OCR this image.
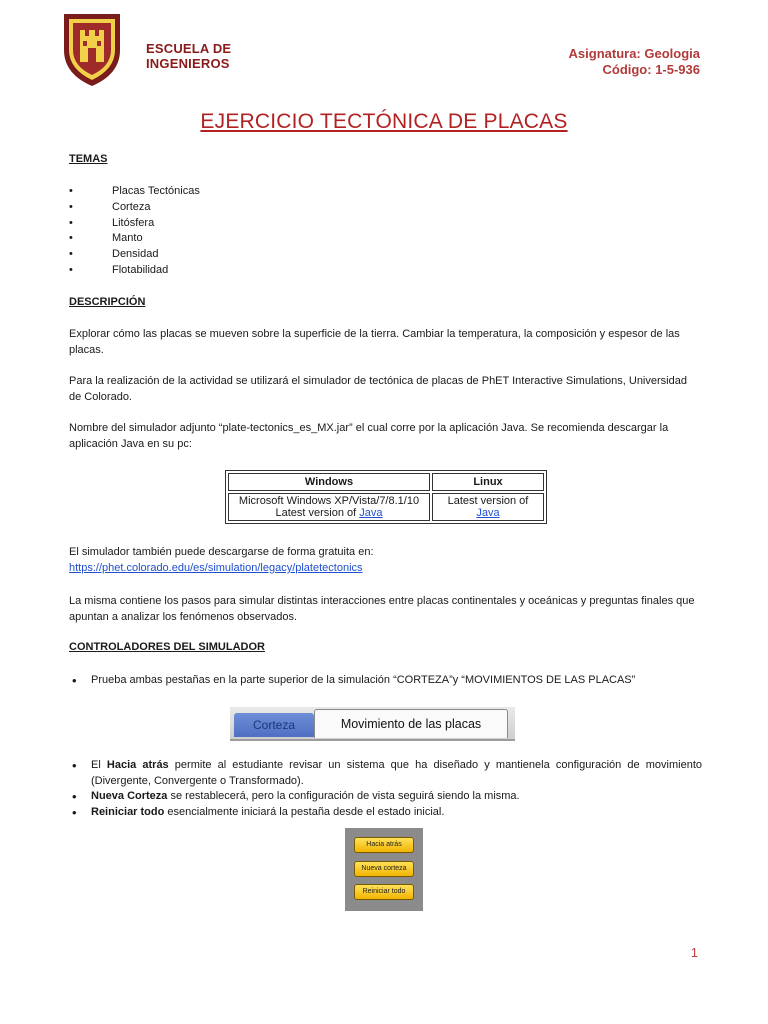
ESCUELA DE
INGENIEROS
Asignatura: Geologia
Código: 1-5-936
EJERCICIO TECTÓNICA DE PLACAS
TEMAS
• Placas Tectónicas
• Corteza
• Litósfera
• Manto
• Densidad
• Flotabilidad
DESCRIPCIÓN
Explorar cómo las placas se mueven sobre la superficie de la tierra. Cambiar la temperatura, la composición y espesor de las placas.
Para la realización de la actividad se utilizará el simulador de tectónica de placas de PhET Interactive Simulations, Universidad de Colorado.
Nombre del simulador adjunto “plate-tectonics_es_MX.jar” el cual corre por la aplicación Java. Se recomienda descargar la aplicación Java en su pc:
Windows	Linux

Microsoft Windows XP/Vista/7/8.1/10
Latest version of Java	Latest version of Java
El simulador también puede descargarse de forma gratuita en:
https://phet.colorado.edu/es/simulation/legacy/platetectonics
La misma contiene los pasos para simular distintas interacciones entre placas continentales y oceánicas y preguntas finales que apuntan a analizar los fenómenos observados.
CONTROLADORES DEL SIMULADOR
• Prueba ambas pestañas en la parte superior de la simulación “CORTEZA”y “MOVIMIENTOS DE LAS PLACAS”
Corteza	Movimiento de las placas
• El Hacia atrás permite al estudiante revisar un sistema que ha diseñado y mantienela configuración de movimiento (Divergente, Convergente o Transformado).
• Nueva Corteza se restablecerá, pero la configuración de vista seguirá siendo la misma.
• Reiniciar todo esencialmente iniciará la pestaña desde el estado inicial.
Hacia atrás
Nueva corteza
Reiniciar todo
1
